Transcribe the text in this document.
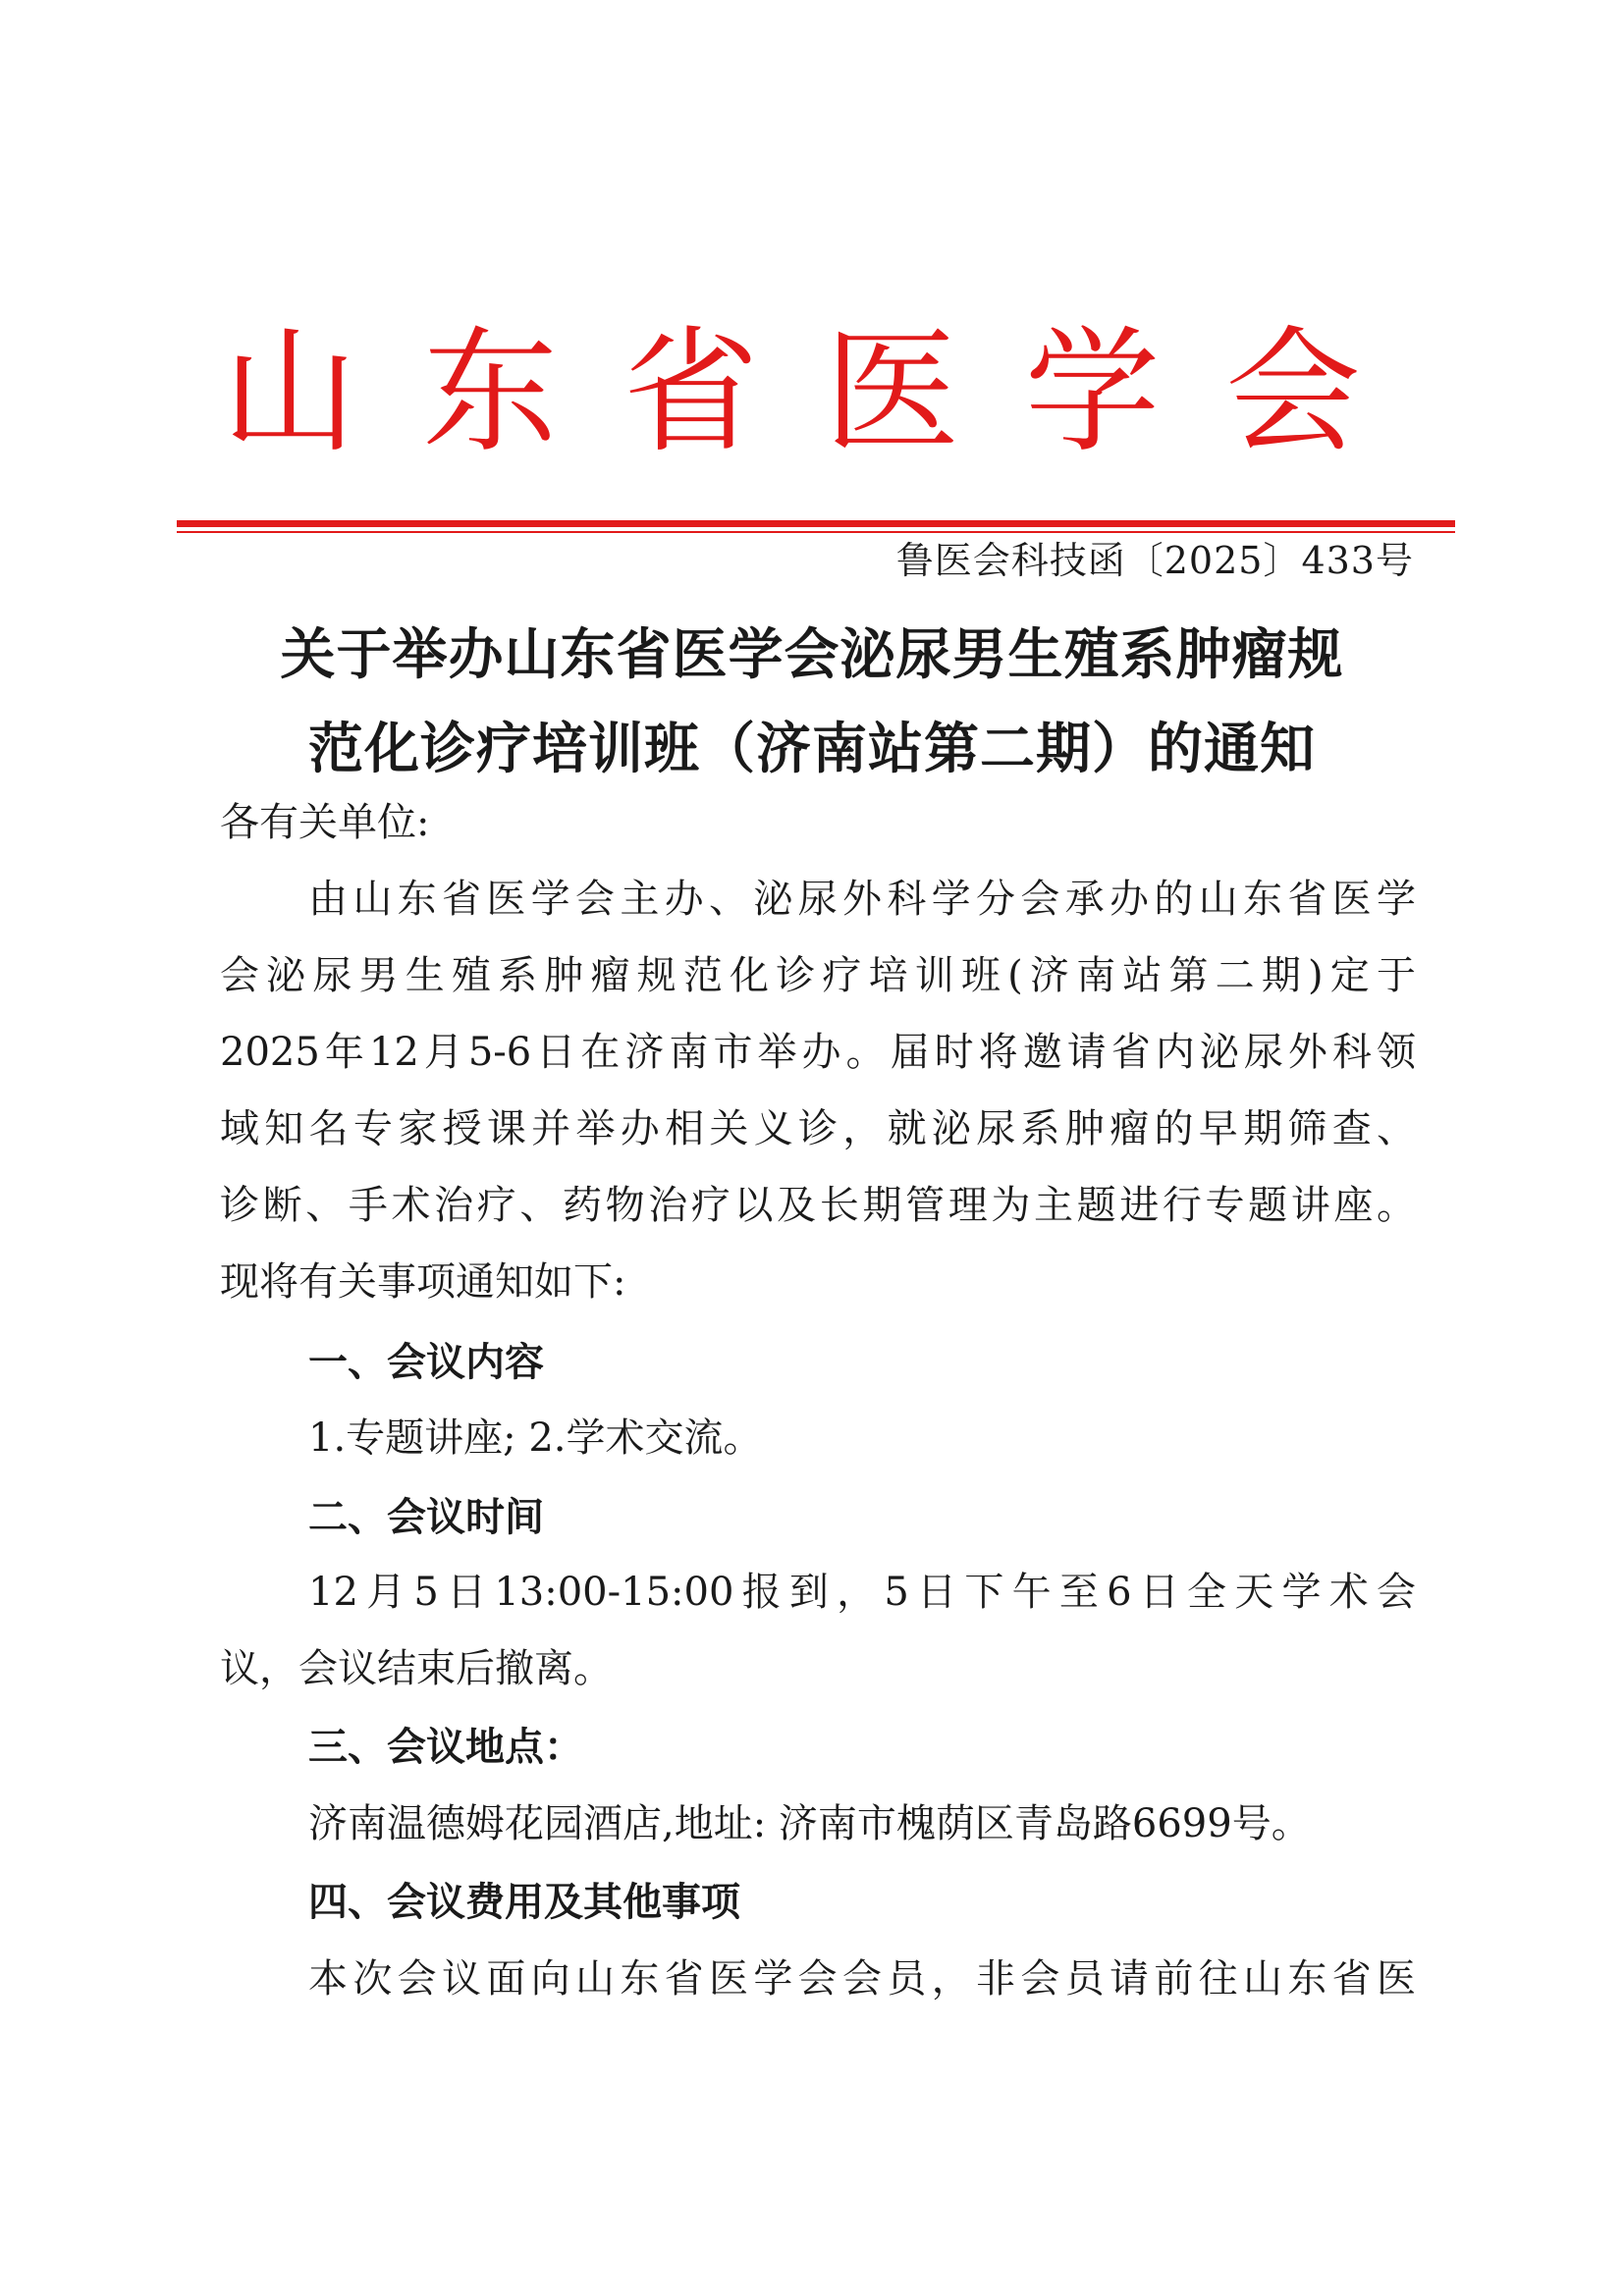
山 东 省 医 学 会
鲁医会科技函〔2025〕433号
关于举办山东省医学会泌尿男生殖系肿瘤规
范化诊疗培训班（济南站第二期）的通知
各有关单位:
由山东省医学会主办、泌尿外科学分会承办的山东省医学
会泌尿男生殖系肿瘤规范化诊疗培训班(济南站第二期)定于
2025年12月5-6日在济南市举办。届时将邀请省内泌尿外科领
域知名专家授课并举办相关义诊，就泌尿系肿瘤的早期筛查、
诊断、手术治疗、药物治疗以及长期管理为主题进行专题讲座。
现将有关事项通知如下:
一、会议内容
1.专题讲座; 2.学术交流。
二、会议时间
12月5日13:00-15:00报到，5日下午至6日全天学术会
议，会议结束后撤离。
三、会议地点：
济南温德姆花园酒店,地址: 济南市槐荫区青岛路6699号。
四、会议费用及其他事项
本次会议面向山东省医学会会员，非会员请前往山东省医
